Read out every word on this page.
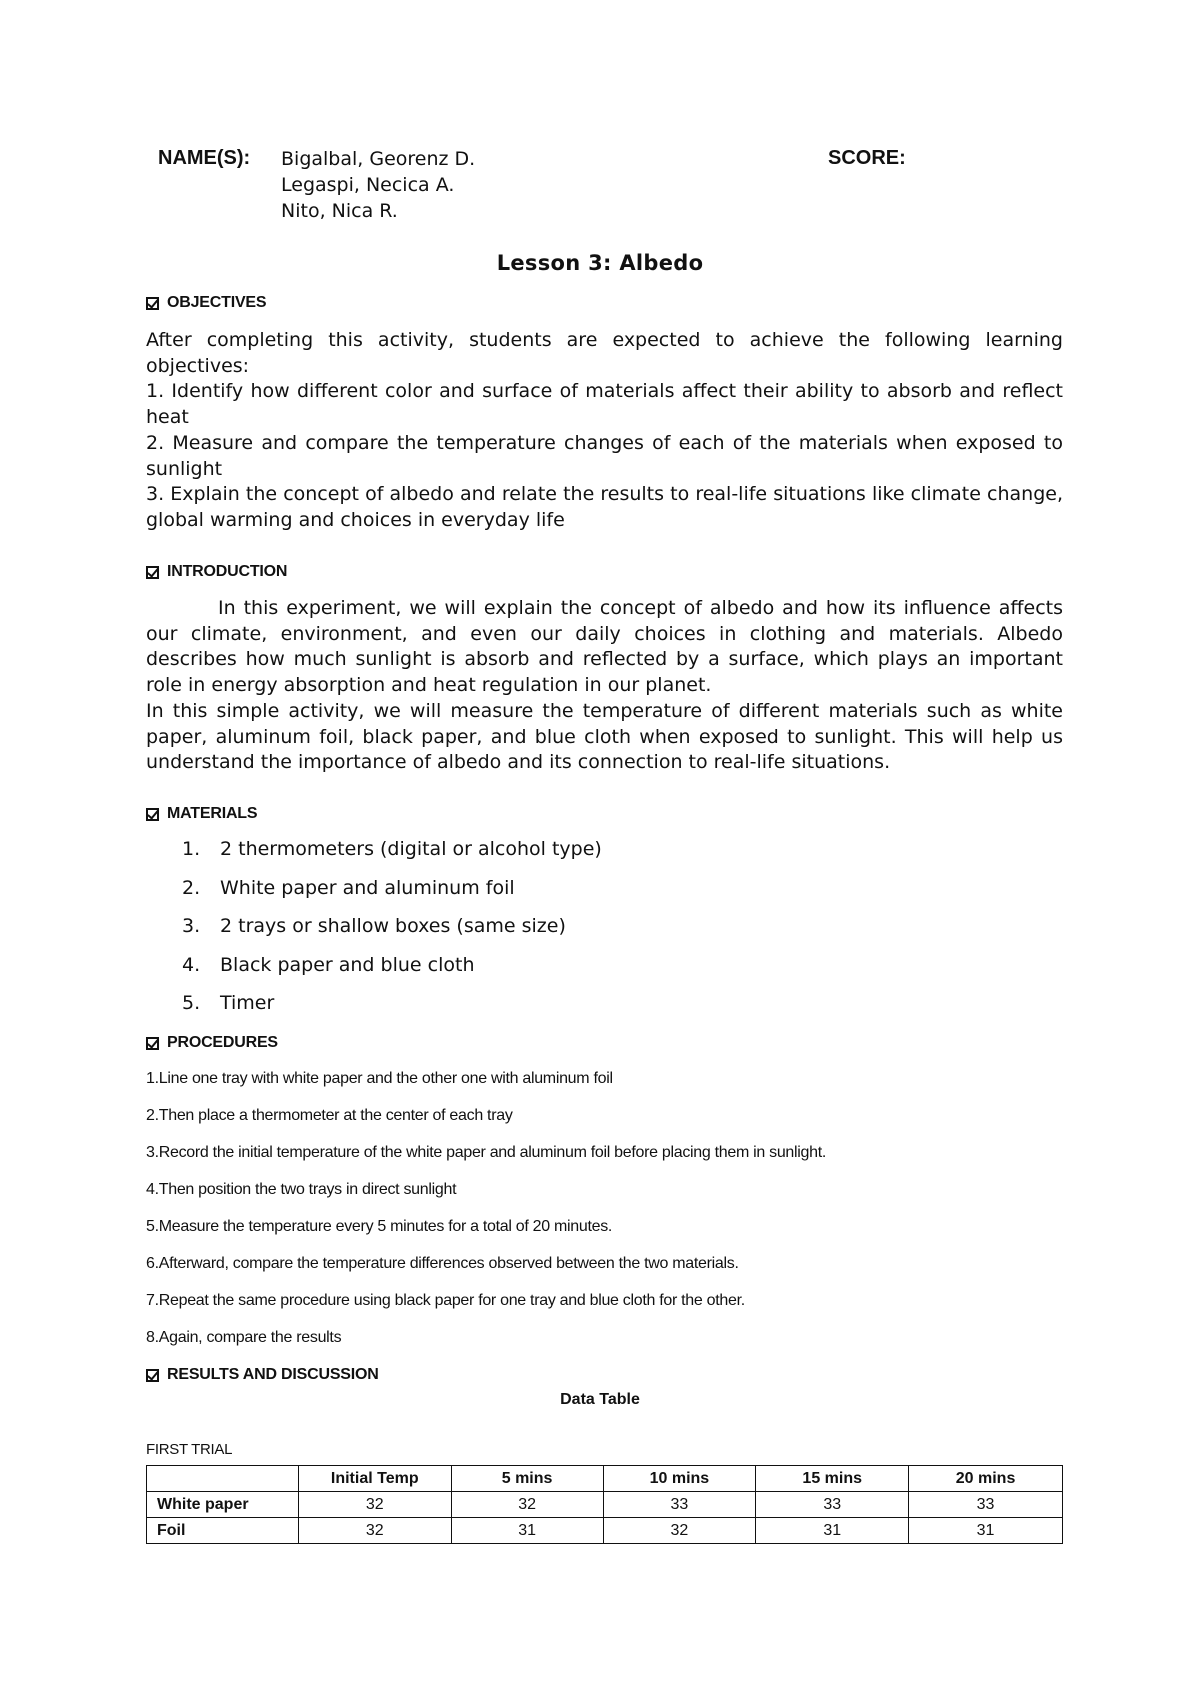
NAME(S): Bigalbal, Georenz D.
Legaspi, Necica A.
Nito, Nica R.
SCORE:
Lesson 3: Albedo
OBJECTIVES

After completing this activity, students are expected to achieve the following learning objectives:

1. Identify how different color and surface of materials affect their ability to absorb and reflect heat

2. Measure and compare the temperature changes of each of the materials when exposed to sunlight

3. Explain the concept of albedo and relate the results to real-life situations like climate change, global warming and choices in everyday life

INTRODUCTION

In this experiment, we will explain the concept of albedo and how its influence affects our climate, environment, and even our daily choices in clothing and materials. Albedo describes how much sunlight is absorb and reflected by a surface, which plays an important role in energy absorption and heat regulation in our planet.

In this simple activity, we will measure the temperature of different materials such as white paper, aluminum foil, black paper, and blue cloth when exposed to sunlight. This will help us understand the importance of albedo and its connection to real-life situations.

MATERIALS
1.	2 thermometers (digital or alcohol type)
2.	White paper and aluminum foil
3.	2 trays or shallow boxes (same size)
4.	Black paper and blue cloth
5.	Timer
PROCEDURES
1.Line one tray with white paper and the other one with aluminum foil
2.Then place a thermometer at the center of each tray
3.Record the initial temperature of the white paper and aluminum foil before placing them in sunlight.
4.Then position the two trays in direct sunlight
5.Measure the temperature every 5 minutes for a total of 20 minutes.
6.Afterward, compare the temperature differences observed between the two materials.
7.Repeat the same procedure using black paper for one tray and blue cloth for the other.
8.Again, compare the results
RESULTS AND DISCUSSION
Data Table
FIRST TRIAL
	Initial Temp	5 mins	10 mins	15 mins	20 mins
White paper	32	32	33	33	33
Foil	32	31	32	31	31
